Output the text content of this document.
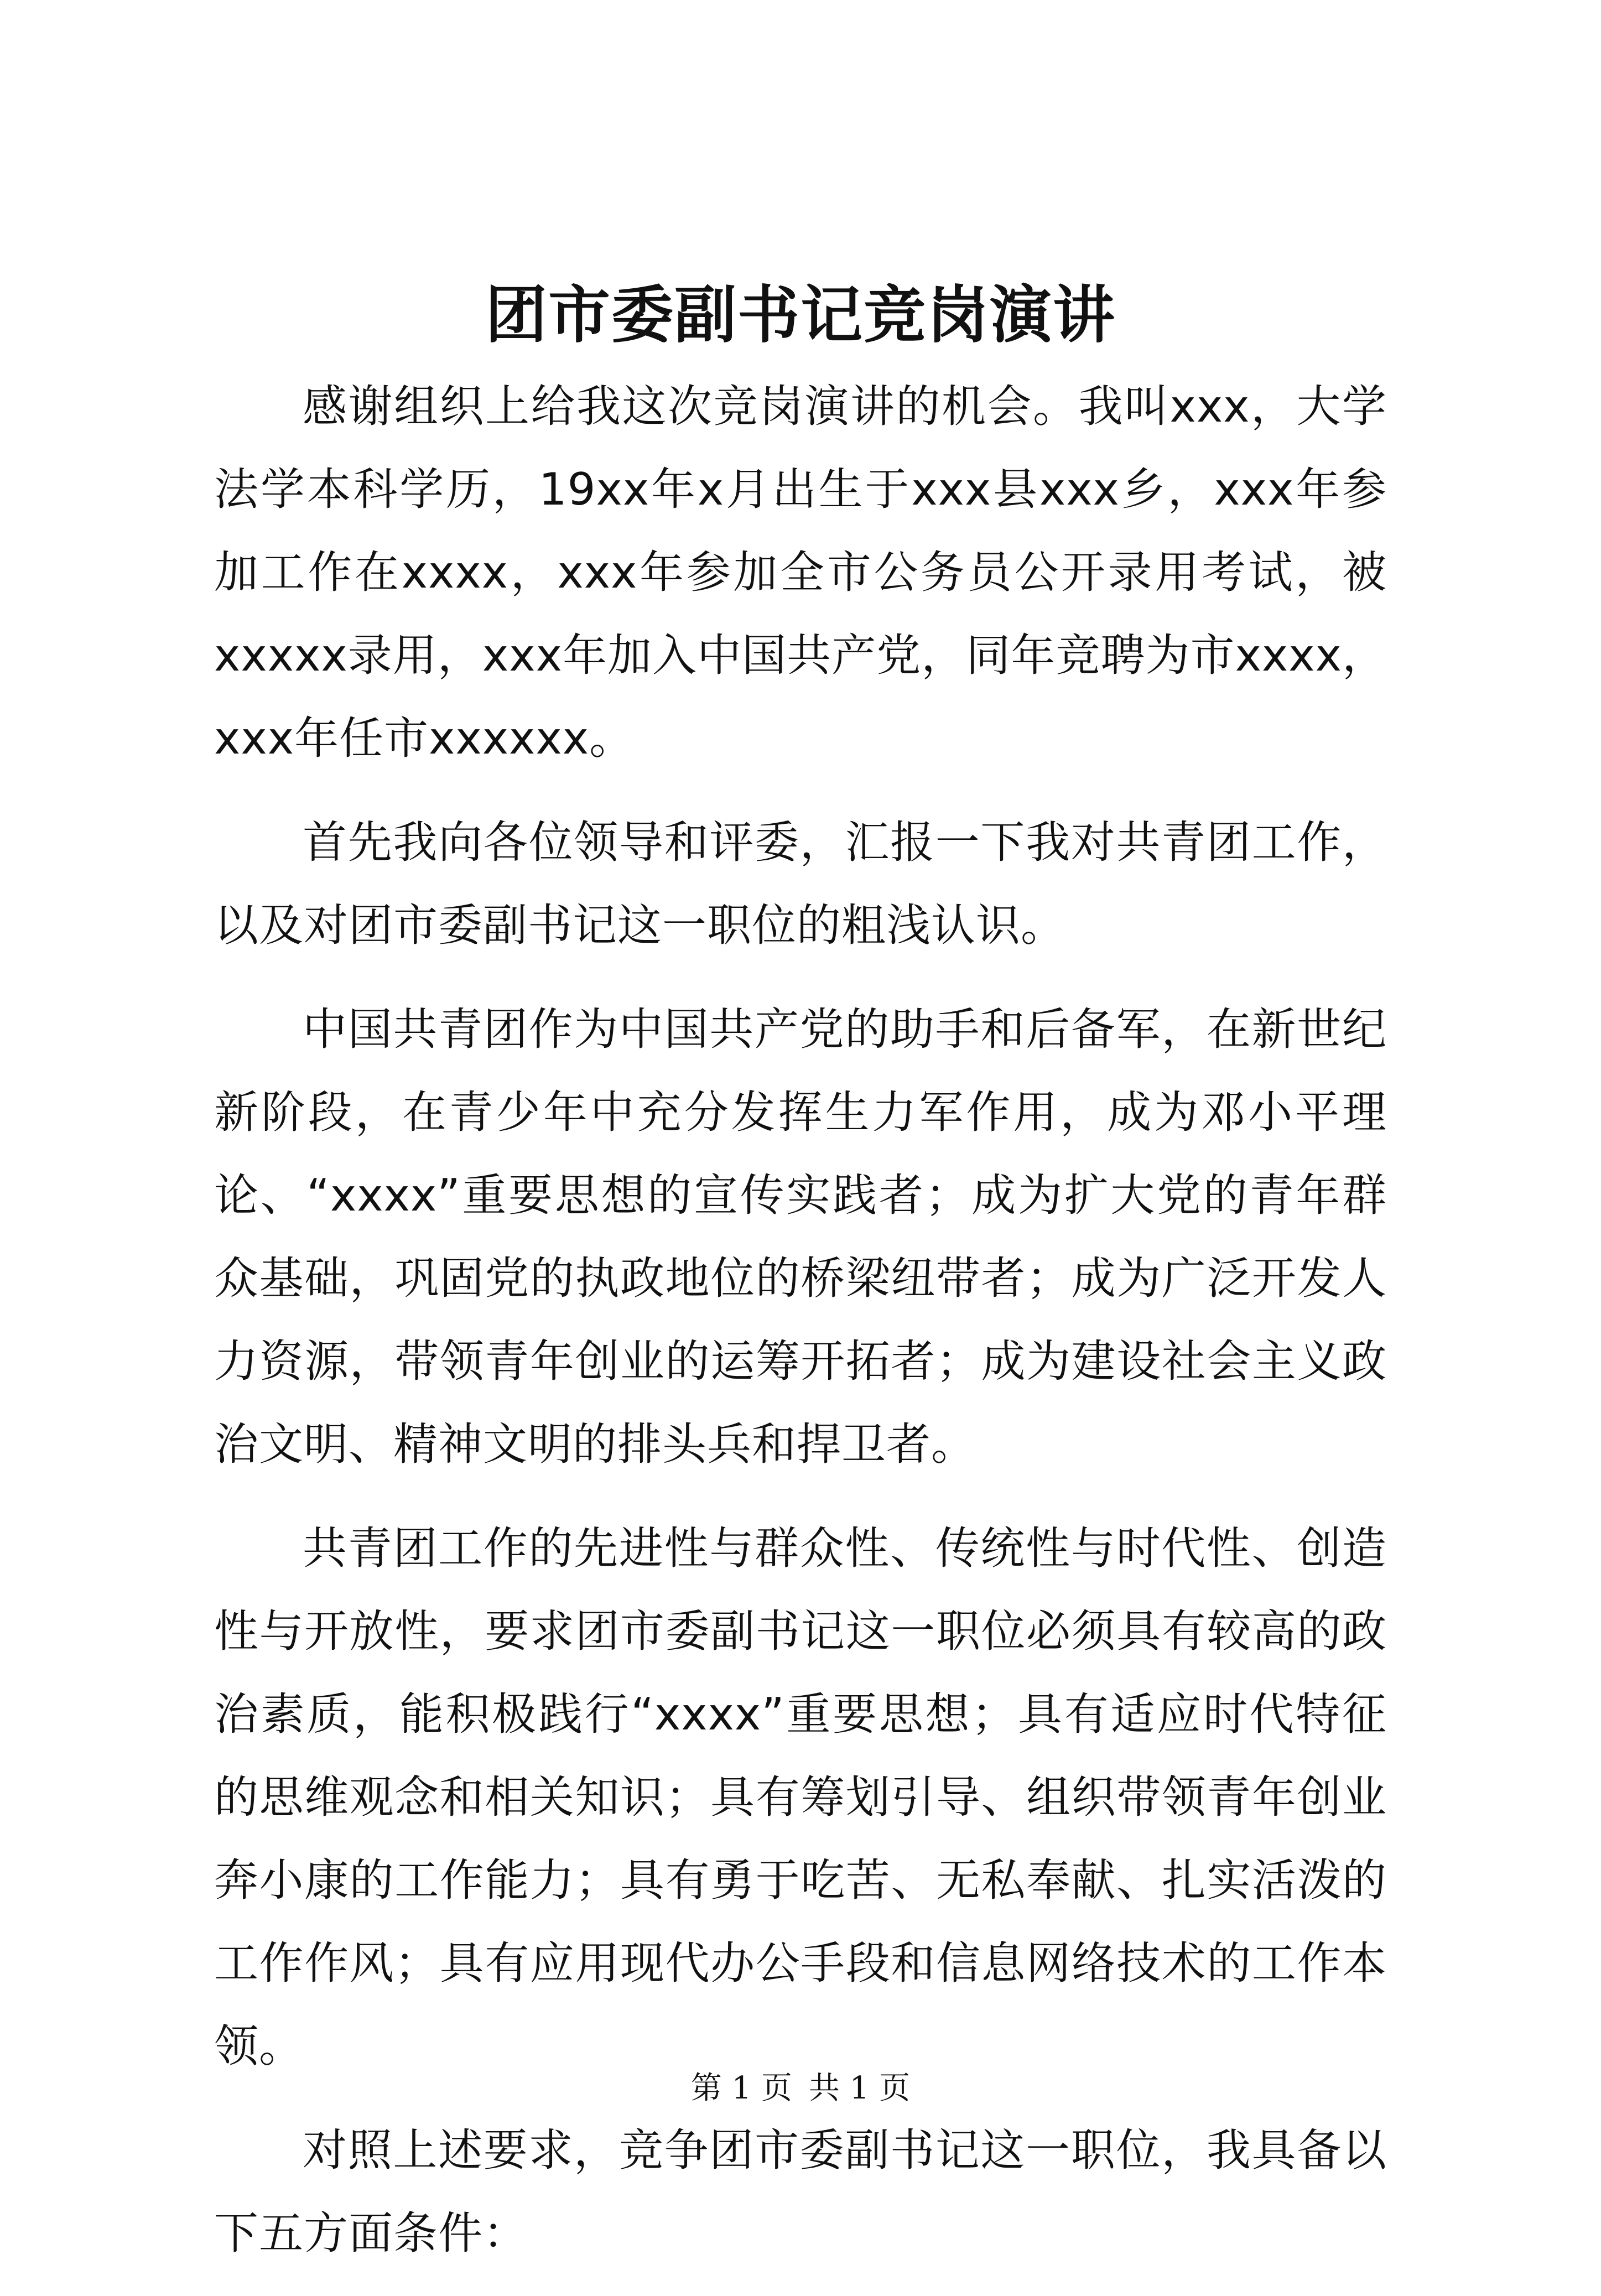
团市委副书记竞岗演讲

感谢组织上给我这次竞岗演讲的机会。我叫xxx，大学法学本科学历，19xx年x月出生于xxx县xxx乡，xxx年参加工作在xxxx，xxx年参加全市公务员公开录用考试，被xxxxx录用，xxx年加入中国共产党，同年竞聘为市xxxx，xxx年任市xxxxxx。

首先我向各位领导和评委，汇报一下我对共青团工作，以及对团市委副书记这一职位的粗浅认识。

中国共青团作为中国共产党的助手和后备军，在新世纪新阶段，在青少年中充分发挥生力军作用，成为邓小平理论、“xxxx”重要思想的宣传实践者；成为扩大党的青年群众基础，巩固党的执政地位的桥梁纽带者；成为广泛开发人力资源，带领青年创业的运筹开拓者；成为建设社会主义政治文明、精神文明的排头兵和捍卫者。

共青团工作的先进性与群众性、传统性与时代性、创造性与开放性，要求团市委副书记这一职位必须具有较高的政治素质，能积极践行“xxxx”重要思想；具有适应时代特征的思维观念和相关知识；具有筹划引导、组织带领青年创业奔小康的工作能力；具有勇于吃苦、无私奉献、扎实活泼的工作作风；具有应用现代办公手段和信息网络技术的工作本领。

对照上述要求，竞争团市委副书记这一职位，我具备以下五方面条件：

第 1 页 共 1 页
